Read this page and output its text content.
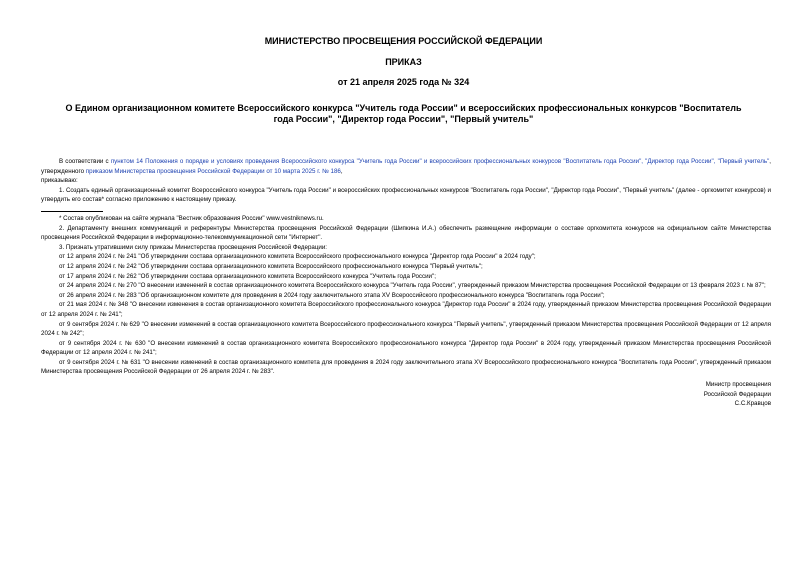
МИНИСТЕРСТВО ПРОСВЕЩЕНИЯ РОССИЙСКОЙ ФЕДЕРАЦИИ
ПРИКАЗ
от 21 апреля 2025 года № 324
О Едином организационном комитете Всероссийского конкурса "Учитель года России" и всероссийских профессиональных конкурсов "Воспитатель года России", "Директор года России", "Первый учитель"

В соответствии с пунктом 14 Положения о порядке и условиях проведения Всероссийского конкурса "Учитель года России" и всероссийских профессиональных конкурсов "Воспитатель года России", "Директор года России", "Первый учитель", утвержденного приказом Министерства просвещения Российской Федерации от 10 марта 2025 г. № 186,

приказываю:

1. Создать единый организационный комитет Всероссийского конкурса "Учитель года России" и всероссийских профессиональных конкурсов "Воспитатель года России", "Директор года России", "Первый учитель" (далее - оргкомитет конкурсов) и утвердить его состав* согласно приложению к настоящему приказу.

* Состав опубликован на сайте журнала "Вестник образования России" www.vestniknews.ru.

2. Департаменту внешних коммуникаций и референтуры Министерства просвещения Российской Федерации (Шипкина И.А.) обеспечить размещение информации о составе оргкомитета конкурсов на официальном сайте Министерства просвещения Российской Федерации в информационно-телекоммуникационной сети "Интернет".

3. Признать утратившими силу приказы Министерства просвещения Российской Федерации:

от 12 апреля 2024 г. № 241 "Об утверждении состава организационного комитета Всероссийского профессионального конкурса "Директор года России" в 2024 году";

от 12 апреля 2024 г. № 242 "Об утверждении состава организационного комитета Всероссийского профессионального конкурса "Первый учитель";

от 17 апреля 2024 г. № 262 "Об утверждении состава организационного комитета Всероссийского конкурса "Учитель года России";

от 24 апреля 2024 г. № 270 "О внесении изменений в состав организационного комитета Всероссийского конкурса "Учитель года России", утвержденный приказом Министерства просвещения Российской Федерации от 13 февраля 2023 г. № 87";

от 26 апреля 2024 г. № 283 "Об организационном комитете для проведения в 2024 году заключительного этапа XV Всероссийского профессионального конкурса "Воспитатель года России";

от 21 мая 2024 г. № 348 "О внесении изменения в состав организационного комитета Всероссийского профессионального конкурса "Директор года России" в 2024 году, утвержденный приказом Министерства просвещения Российской Федерации от 12 апреля 2024 г. № 241";

от 9 сентября 2024 г. № 629 "О внесении изменений в состав организационного комитета Всероссийского профессионального конкурса "Первый учитель", утвержденный приказом Министерства просвещения Российской Федерации от 12 апреля 2024 г. № 242";

от 9 сентября 2024 г. № 630 "О внесении изменений в состав организационного комитета Всероссийского профессионального конкурса "Директор года России" в 2024 году, утвержденный приказом Министерства просвещения Российской Федерации от 12 апреля 2024 г. № 241";

от 9 сентября 2024 г. № 631 "О внесении изменений в состав организационного комитета для проведения в 2024 году заключительного этапа XV Всероссийского профессионального конкурса "Воспитатель года России", утвержденный приказом Министерства просвещения Российской Федерации от 26 апреля 2024 г. № 283".

Министр просвещения
Российской Федерации
С.С.Кравцов
